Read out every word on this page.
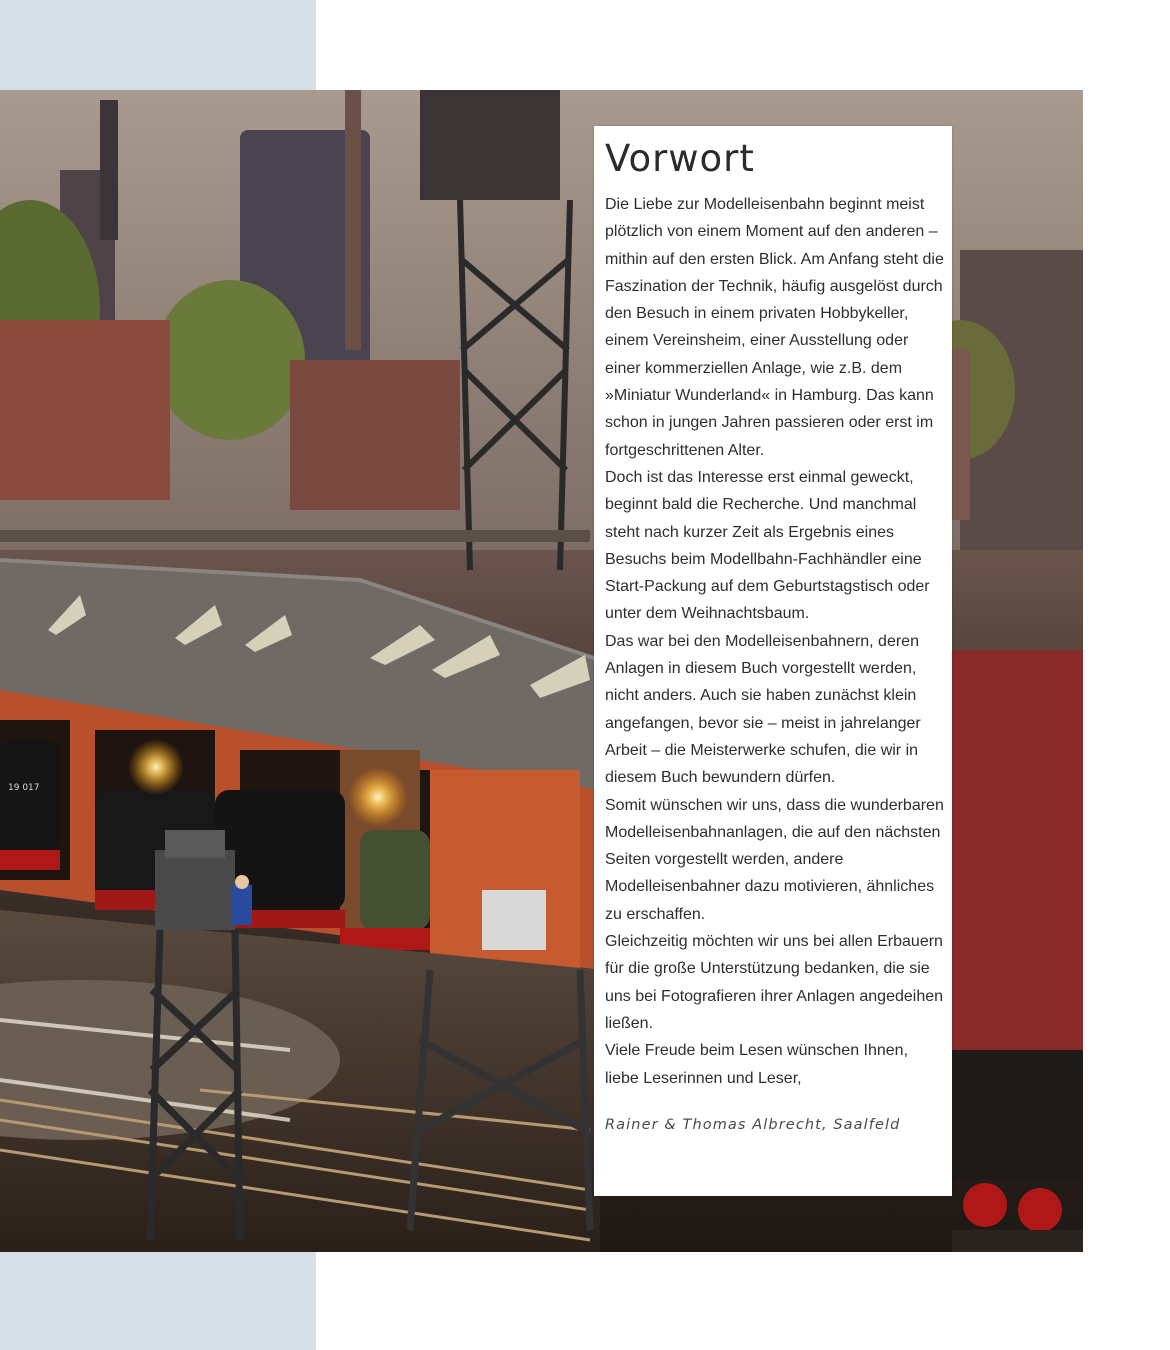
19 017
Vorwort

Die Liebe zur Modelleisenbahn beginnt meist plötzlich von einem Moment auf den anderen – mithin auf den ersten Blick. Am Anfang steht die Faszination der Technik, häufig ausgelöst durch den Besuch in einem privaten Hobbykeller, einem Vereinsheim, einer Ausstellung oder einer kommerziellen Anlage, wie z.B. dem »Miniatur Wunderland« in Hamburg. Das kann schon in jungen Jahren passieren oder erst im fortgeschrittenen Alter.

Doch ist das Interesse erst einmal geweckt, beginnt bald die Recherche. Und manchmal steht nach kurzer Zeit als Ergebnis eines Besuchs beim Modellbahn-Fachhändler eine Start-Packung auf dem Geburtstagstisch oder unter dem Weihnachtsbaum.

Das war bei den Modelleisenbahnern, deren Anlagen in diesem Buch vorgestellt werden, nicht anders. Auch sie haben zunächst klein angefangen, bevor sie – meist in jahrelanger Arbeit – die Meisterwerke schufen, die wir in diesem Buch bewundern dürfen.

Somit wünschen wir uns, dass die wunderbaren Modelleisenbahnanlagen, die auf den nächsten Seiten vorgestellt werden, andere Modelleisenbahner dazu motivieren, ähnliches zu erschaffen.

Gleichzeitig möchten wir uns bei allen Erbauern für die große Unterstützung bedanken, die sie uns bei Fotografieren ihrer Anlagen angedeihen ließen.

Viele Freude beim Lesen wünschen Ihnen, liebe Leserinnen und Leser,

Rainer & Thomas Albrecht, Saalfeld
